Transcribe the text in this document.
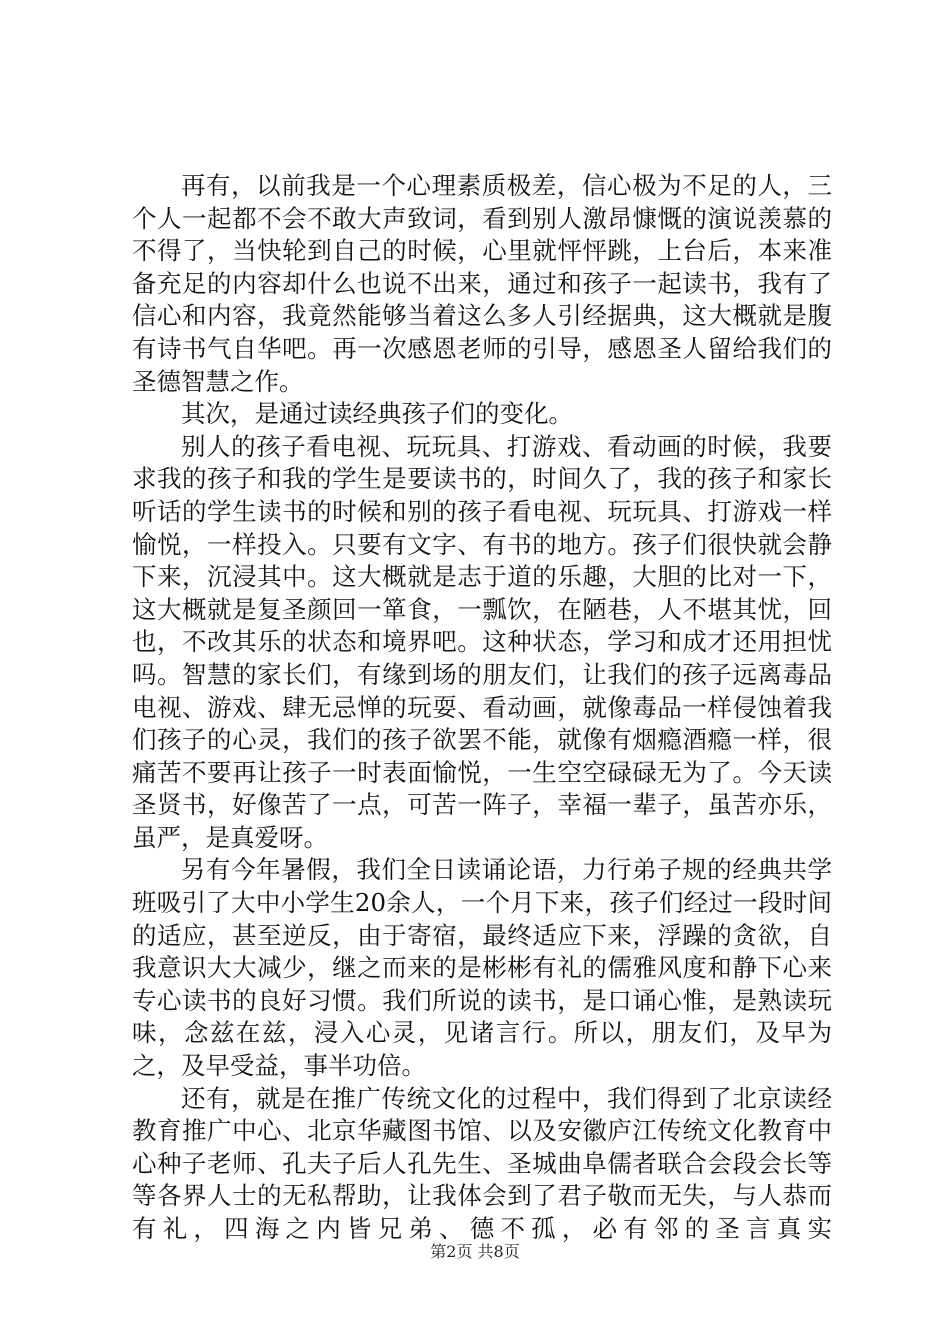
再有，以前我是一个心理素质极差，信心极为不足的人，三个人一起都不会不敢大声致词，看到别人激昂慷慨的演说羡慕的不得了，当快轮到自己的时候，心里就怦怦跳，上台后，本来准备充足的内容却什么也说不出来，通过和孩子一起读书，我有了信心和内容，我竟然能够当着这么多人引经据典，这大概就是腹有诗书气自华吧。再一次感恩老师的引导，感恩圣人留给我们的圣德智慧之作。

其次，是通过读经典孩子们的变化。

别人的孩子看电视、玩玩具、打游戏、看动画的时候，我要求我的孩子和我的学生是要读书的，时间久了，我的孩子和家长听话的学生读书的时候和别的孩子看电视、玩玩具、打游戏一样愉悦，一样投入。只要有文字、有书的地方。孩子们很快就会静下来，沉浸其中。这大概就是志于道的乐趣，大胆的比对一下，这大概就是复圣颜回一箪食，一瓢饮，在陋巷，人不堪其忧，回也，不改其乐的状态和境界吧。这种状态，学习和成才还用担忧吗。智慧的家长们，有缘到场的朋友们，让我们的孩子远离毒品电视、游戏、肆无忌惮的玩耍、看动画，就像毒品一样侵蚀着我们孩子的心灵，我们的孩子欲罢不能，就像有烟瘾酒瘾一样，很痛苦不要再让孩子一时表面愉悦，一生空空碌碌无为了。今天读圣贤书，好像苦了一点，可苦一阵子，幸福一辈子，虽苦亦乐，虽严，是真爱呀。

另有今年暑假，我们全日读诵论语，力行弟子规的经典共学班吸引了大中小学生20余人，一个月下来，孩子们经过一段时间的适应，甚至逆反，由于寄宿，最终适应下来，浮躁的贪欲，自我意识大大减少，继之而来的是彬彬有礼的儒雅风度和静下心来专心读书的良好习惯。我们所说的读书，是口诵心惟，是熟读玩味，念兹在兹，浸入心灵，见诸言行。所以，朋友们，及早为之，及早受益，事半功倍。

还有，就是在推广传统文化的过程中，我们得到了北京读经教育推广中心、北京华藏图书馆、以及安徽庐江传统文化教育中心种子老师、孔夫子后人孔先生、圣城曲阜儒者联合会段会长等等各界人士的无私帮助，让我体会到了君子敬而无失，与人恭而有礼，四海之内皆兄弟、德不孤，必有邻的圣言真实

第2页 共8页
